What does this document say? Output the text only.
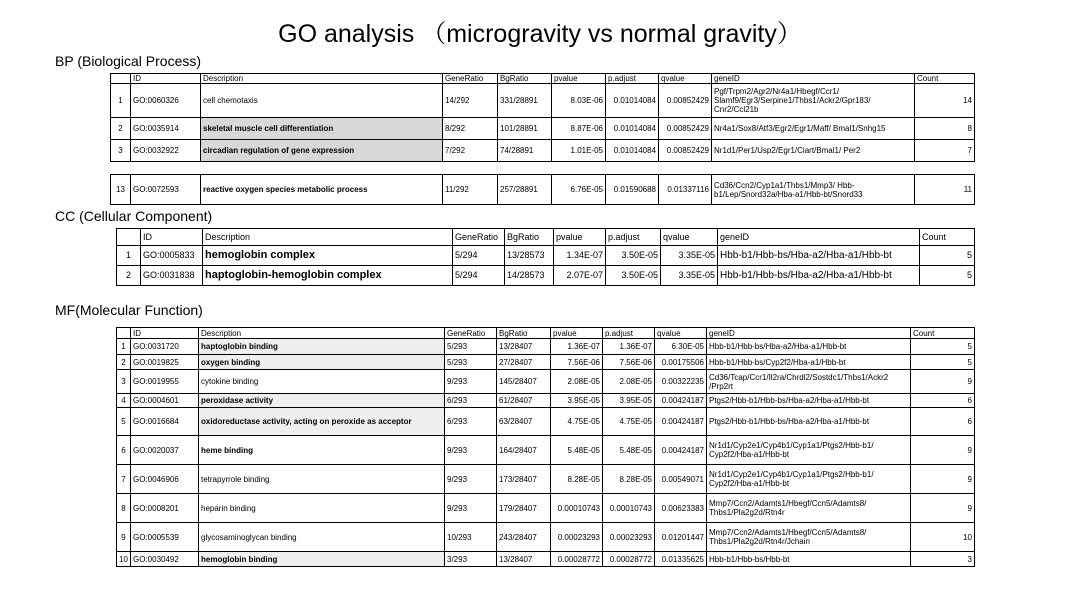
GO analysis （microgravity vs normal gravity）
BP (Biological Process)
	ID	Description	GeneRatio	BgRatio	pvalue	p.adjust	qvalue	geneID	Count
1	GO:0060326	cell chemotaxis	14/292	331/28891	8.03E-06	0.01014084	0.00852429	Pgf/Trpm2/Agr2/Nr4a1/Hbegf/Ccr1/ Slamf9/Egr3/Serpine1/Thbs1/Ackr2/Gpr183/ Cnr2/Ccl21b	14
2	GO:0035914	skeletal muscle cell differentiation	8/292	101/28891	8.87E-06	0.01014084	0.00852429	Nr4a1/Sox8/Atf3/Egr2/Egr1/Maff/ Bmal1/Snhg15	8
3	GO:0032922	circadian regulation of gene expression	7/292	74/28891	1.01E-05	0.01014084	0.00852429	Nr1d1/Per1/Usp2/Egr1/Ciart/Bmal1/ Per2	7
13	GO:0072593	reactive oxygen species metabolic process	11/292	257/28891	6.76E-05	0.01590688	0.01337116	Cd36/Ccn2/Cyp1a1/Thbs1/Mmp3/ Hbb-b1/Lep/Snord32a/Hba-a1/Hbb-bt/Snord33	11
CC (Cellular Component)
	ID	Description	GeneRatio	BgRatio	pvalue	p.adjust	qvalue	geneID	Count
1	GO:0005833	hemoglobin complex	5/294	13/28573	1.34E-07	3.50E-05	3.35E-05	Hbb-b1/Hbb-bs/Hba-a2/Hba-a1/Hbb-bt	5
2	GO:0031838	haptoglobin-hemoglobin complex	5/294	14/28573	2.07E-07	3.50E-05	3.35E-05	Hbb-b1/Hbb-bs/Hba-a2/Hba-a1/Hbb-bt	5
MF(Molecular Function)
	ID	Description	GeneRatio	BgRatio	pvalue	p.adjust	qvalue	geneID	Count
1	GO:0031720	haptoglobin binding	5/293	13/28407	1.36E-07	1.36E-07	6.30E-05	Hbb-b1/Hbb-bs/Hba-a2/Hba-a1/Hbb-bt	5
2	GO:0019825	oxygen binding	5/293	27/28407	7.56E-06	7.56E-06	0.00175506	Hbb-b1/Hbb-bs/Cyp2f2/Hba-a1/Hbb-bt	5
3	GO:0019955	cytokine binding	9/293	145/28407	2.08E-05	2.08E-05	0.00322235	Cd36/Tcap/Ccr1/Il2ra/Chrdl2/Sostdc1/Thbs1/Ackr2 /Prp2rt	9
4	GO:0004601	peroxidase activity	6/293	61/28407	3.95E-05	3.95E-05	0.00424187	Ptgs2/Hbb-b1/Hbb-bs/Hba-a2/Hba-a1/Hbb-bt	6
5	GO:0016684	oxidoreductase activity, acting on peroxide as acceptor	6/293	63/28407	4.75E-05	4.75E-05	0.00424187	Ptgs2/Hbb-b1/Hbb-bs/Hba-a2/Hba-a1/Hbb-bt	6
6	GO:0020037	heme binding	9/293	164/28407	5.48E-05	5.48E-05	0.00424187	Nr1d1/Cyp2e1/Cyp4b1/Cyp1a1/Ptgs2/Hbb-b1/ Cyp2f2/Hba-a1/Hbb-bt	9
7	GO:0046906	tetrapyrrole binding	9/293	173/28407	8.28E-05	8.28E-05	0.00549071	Nr1d1/Cyp2e1/Cyp4b1/Cyp1a1/Ptgs2/Hbb-b1/ Cyp2f2/Hba-a1/Hbb-bt	9
8	GO:0008201	heparin binding	9/293	179/28407	0.00010743	0.00010743	0.00623383	Mmp7/Ccn2/Adamts1/Hbegf/Ccn5/Adamts8/ Thbs1/Pla2g2d/Rtn4r	9
9	GO:0005539	glycosaminoglycan binding	10/293	243/28407	0.00023293	0.00023293	0.01201447	Mmp7/Ccn2/Adamts1/Hbegf/Ccn5/Adamts8/ Thbs1/Pla2g2d/Rtn4r/Jchain	10
10	GO:0030492	hemoglobin binding	3/293	13/28407	0.00028772	0.00028772	0.01335625	Hbb-b1/Hbb-bs/Hbb-bt	3
